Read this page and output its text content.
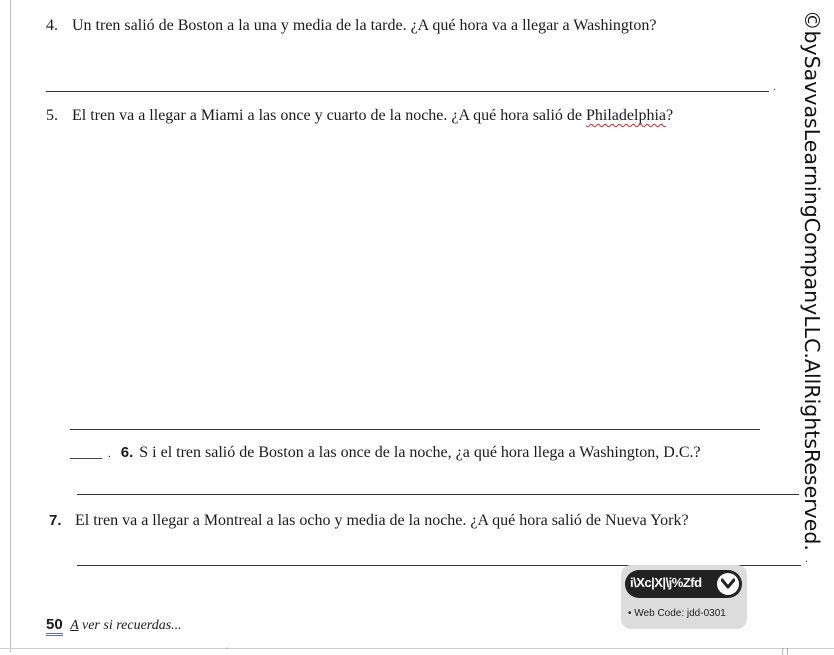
4. Un tren salió de Boston a la una y media de la tarde. ¿A qué hora va a llegar a Washington?
.
5. El tren va a llegar a Miami a las once y cuarto de la noche. ¿A qué hora salió de Philadelphia?
____ . 6. S i el tren salió de Boston a las once de la noche, ¿a qué hora llega a Washington, D.C.?
7. El tren va a llegar a Montreal a las ocho y media de la noche. ¿A qué hora salió de Nueva York?
.
©bySavvasLearningCompanyLLC.AllRightsReserved.
i\Xc|X|\j%Zfd
• Web Code: jdd-0301
50 A ver si recuerdas...
˚	[ ]
